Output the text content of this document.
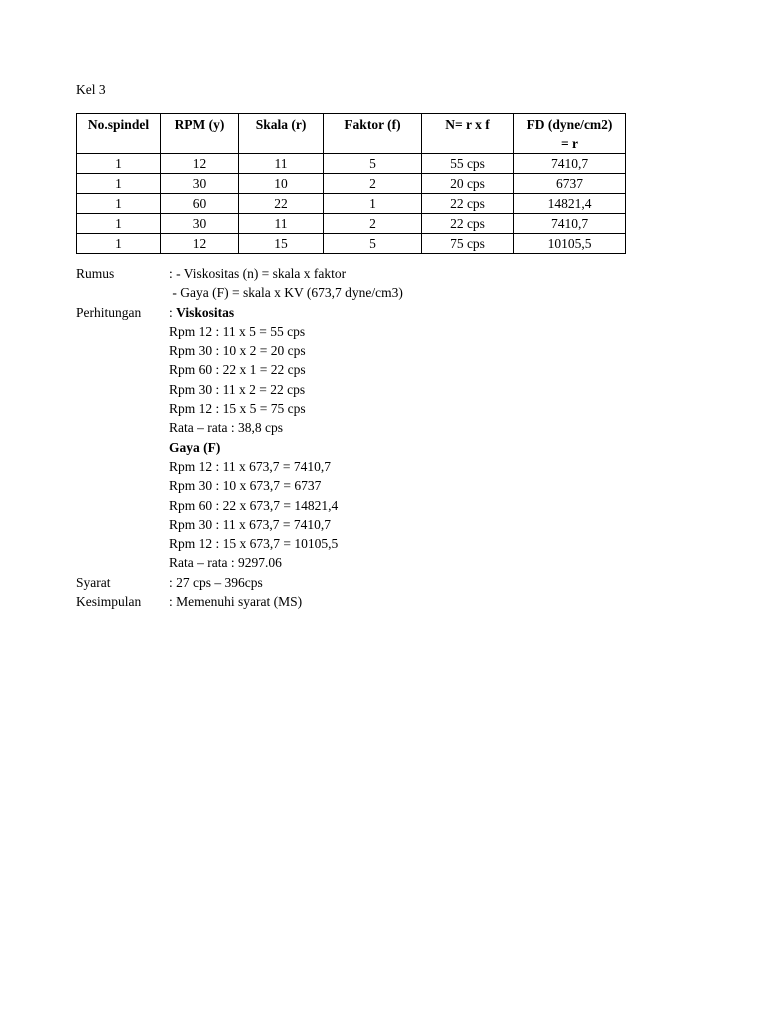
Kel 3
No.spindel	RPM (y)	Skala (r)	Faktor (f)	N= r x f	FD (dyne/cm2)
= r

1	12	11	5	55 cps	7410,7
1	30	10	2	20 cps	6737
1	60	22	1	22 cps	14821,4
1	30	11	2	22 cps	7410,7
1	12	15	5	75 cps	10105,5
Rumus	: - Viskositas (n) = skala x faktor
- Gaya (F) = skala x KV (673,7 dyne/cm3)
Perhitungan	: Viskositas
Rpm 12 : 11 x 5 = 55 cps
Rpm 30 : 10 x 2 = 20 cps
Rpm 60 : 22 x 1 = 22 cps
Rpm 30 : 11 x 2 = 22 cps
Rpm 12 : 15 x 5 = 75 cps
Rata – rata : 38,8 cps
Gaya (F)
Rpm 12 : 11 x 673,7 = 7410,7
Rpm 30 : 10 x 673,7 = 6737
Rpm 60 : 22 x 673,7 = 14821,4
Rpm 30 : 11 x 673,7 = 7410,7
Rpm 12 : 15 x 673,7 = 10105,5
Rata – rata : 9297.06
Syarat	: 27 cps – 396cps
Kesimpulan	: Memenuhi syarat (MS)
